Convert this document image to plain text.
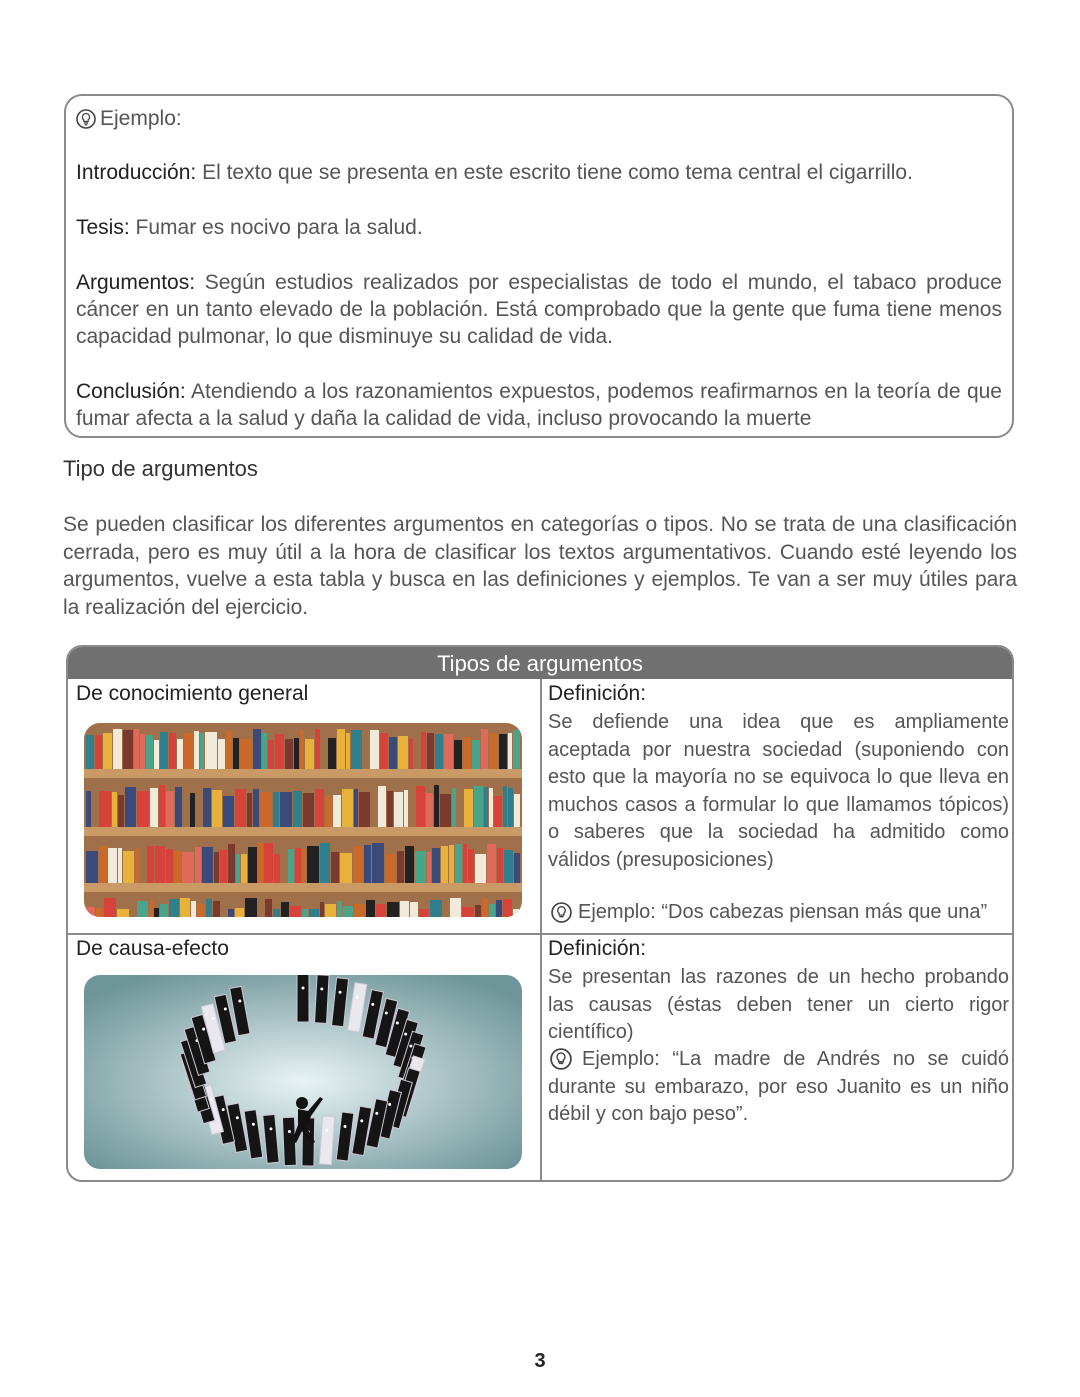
Ejemplo:

Introducción: El texto que se presenta en este escrito tiene como tema central el cigarrillo.

Tesis: Fumar es nocivo para la salud.

Argumentos: Según estudios realizados por especialistas de todo el mundo, el tabaco produce cáncer en un tanto elevado de la población. Está comprobado que la gente que fuma tiene menos capacidad pulmonar, lo que disminuye su calidad de vida.

Conclusión: Atendiendo a los razonamientos expuestos, podemos reafirmarnos en la teoría de que fumar afecta a la salud y daña la calidad de vida, incluso provocando la muerte

Tipo de argumentos
Se pueden clasificar los diferentes argumentos en categorías o tipos. No se trata de una clasificación cerrada, pero es muy útil a la hora de clasificar los textos argumentativos. Cuando esté leyendo los argumentos, vuelve a esta tabla y busca en las definiciones y ejemplos. Te van a ser muy útiles para la realización del ejercicio.
Tipos de argumentos
De conocimiento general	Definición:
Se defiende una idea que es ampliamente aceptada por nuestra sociedad (suponiendo con esto que la mayoría no se equivoca lo que lleva en muchos casos a formular lo que llamamos tópicos) o saberes que la sociedad ha admitido como válidos (presuposiciones)
Ejemplo: “Dos cabezas piensan más que una”
De causa-efecto	Definición:
Se presentan las razones de un hecho probando las causas (éstas deben tener un cierto rigor científico)
Ejemplo: “La madre de Andrés no se cuidó durante su embarazo, por eso Juanito es un niño débil y con bajo peso”.
3
